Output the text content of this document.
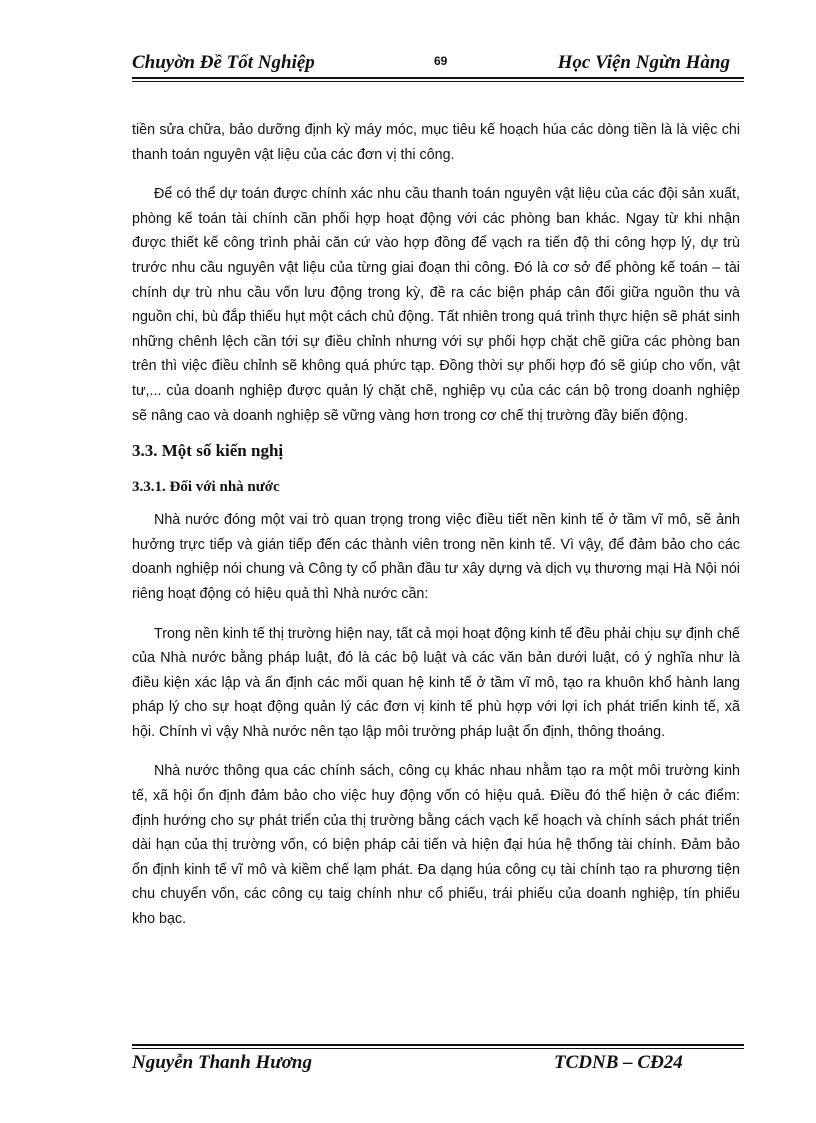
Chuyờn Đề Tốt Nghiệp	69	Học Viện Ngừn Hàng

tiền sửa chữa, bảo dưỡng định kỳ máy móc, mục tiêu kế hoạch húa các dòng tiền là là việc chi thanh toán nguyên vật liệu của các đơn vị thi công.

Để có thể dự toán được chính xác nhu cầu thanh toán nguyên vật liệu của các đội sản xuất, phòng kế toán tài chính cần phối hợp hoạt động với các phòng ban khác. Ngay từ khi nhận được thiết kế công trình phải căn cứ vào hợp đồng để vạch ra tiến độ thi công hợp lý, dự trù trước nhu cầu nguyên vật liệu của từng giai đoạn thi công. Đó là cơ sở để phòng kế toán – tài chính dự trù nhu cầu vốn lưu động trong kỳ, đề ra các biện pháp cân đối giữa nguồn thu và nguồn chi, bù đắp thiếu hụt một cách chủ động. Tất nhiên trong quá trình thực hiện sẽ phát sinh những chênh lệch cần tới sự điều chỉnh nhưng với sự phối hợp chặt chẽ giữa các phòng ban trên thì việc điều chỉnh sẽ không quá phức tạp. Đồng thời sự phối hợp đó sẽ giúp cho vốn, vật tư,... của doanh nghiệp được quản lý chặt chẽ, nghiệp vụ của các cán bộ trong doanh nghiệp sẽ nâng cao và doanh nghiệp sẽ vững vàng hơn trong cơ chế thị trường đầy biến động.

3.3. Một số kiến nghị
3.3.1. Đối với nhà nước

Nhà nước đóng một vai trò quan trọng trong việc điều tiết nền kinh tế ở tầm vĩ mô, sẽ ảnh hưởng trực tiếp và gián tiếp đến các thành viên trong nền kinh tế. Vì vậy, để đảm bảo cho các doanh nghiệp nói chung và Công ty cổ phần đầu tư xây dựng và dịch vụ thương mại Hà Nội nói riêng hoạt động có hiệu quả thì Nhà nước cần:

Trong nền kinh tế thị trường hiện nay, tất cả mọi hoạt động kinh tế đều phải chịu sự định chế của Nhà nước bằng pháp luật, đó là các bộ luật và các văn bản dưới luật, có ý nghĩa như là điều kiện xác lập và ấn định các mối quan hệ kinh tế ở tầm vĩ mô, tạo ra khuôn khổ hành lang pháp lý cho sự hoạt động quản lý các đơn vị kinh tế phù hợp với lợi ích phát triển kinh tế, xã hội. Chính vì vậy Nhà nước nên tạo lập môi trường pháp luật ổn định, thông thoáng.

Nhà nước thông qua các chính sách, công cụ khác nhau nhằm tạo ra một môi trường kinh tế, xã hội ổn định đảm bảo cho việc huy động vốn có hiệu quả. Điều đó thể hiện ở các điểm: định hướng cho sự phát triển của thị trường bằng cách vạch kế hoạch và chính sách phát triển dài hạn của thị trường vốn, có biện pháp cải tiến và hiện đại húa hệ thống tài chính. Đảm bảo ổn định kinh tế vĩ mô và kiềm chế lạm phát. Đa dạng húa công cụ tài chính tạo ra phương tiện chu chuyển vốn, các công cụ taig chính như cổ phiếu, trái phiếu của doanh nghiệp, tín phiếu kho bạc.

Nguyễn Thanh Hương	TCDNB – CĐ24
